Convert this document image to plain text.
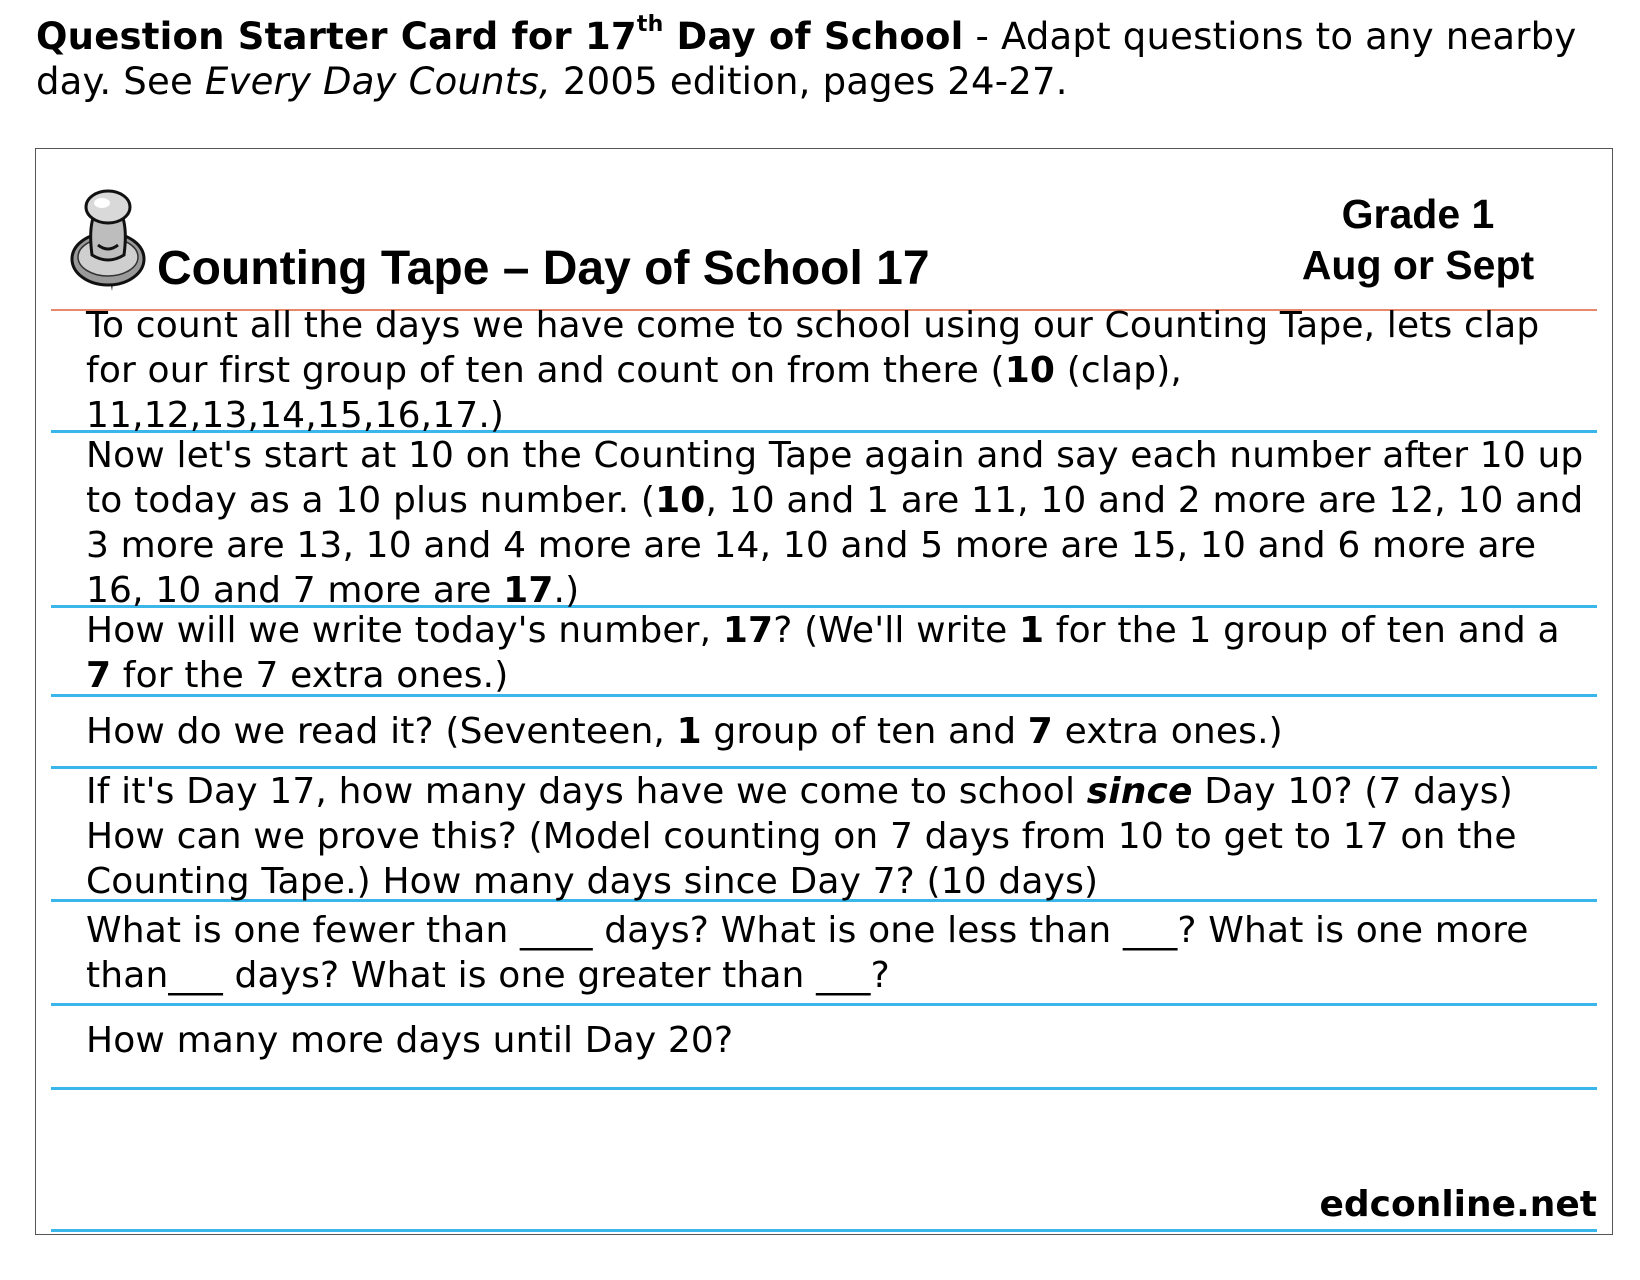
Question Starter Card for 17th Day of School - Adapt questions to any nearby day. See Every Day Counts, 2005 edition, pages 24-27.
Counting Tape – Day of School 17
Grade 1
Aug or Sept
To count all the days we have come to school using our Counting Tape, lets clap for our first group of ten and count on from there (10 (clap), 11,12,13,14,15,16,17.)
Now let's start at 10 on the Counting Tape again and say each number after 10 up to today as a 10 plus number. (10, 10 and 1 are 11, 10 and 2 more are 12, 10 and 3 more are 13, 10 and 4 more are 14, 10 and 5 more are 15, 10 and 6 more are 16, 10 and 7 more are 17.)
How will we write today's number, 17? (We'll write 1 for the 1 group of ten and a 7 for the 7 extra ones.)
How do we read it? (Seventeen, 1 group of ten and 7 extra ones.)
If it's Day 17, how many days have we come to school since Day 10? (7 days) How can we prove this? (Model counting on 7 days from 10 to get to 17 on the Counting Tape.) How many days since Day 7? (10 days)
What is one fewer than ____ days? What is one less than ___? What is one more than___ days? What is one greater than ___?
How many more days until Day 20?
edconline.net
